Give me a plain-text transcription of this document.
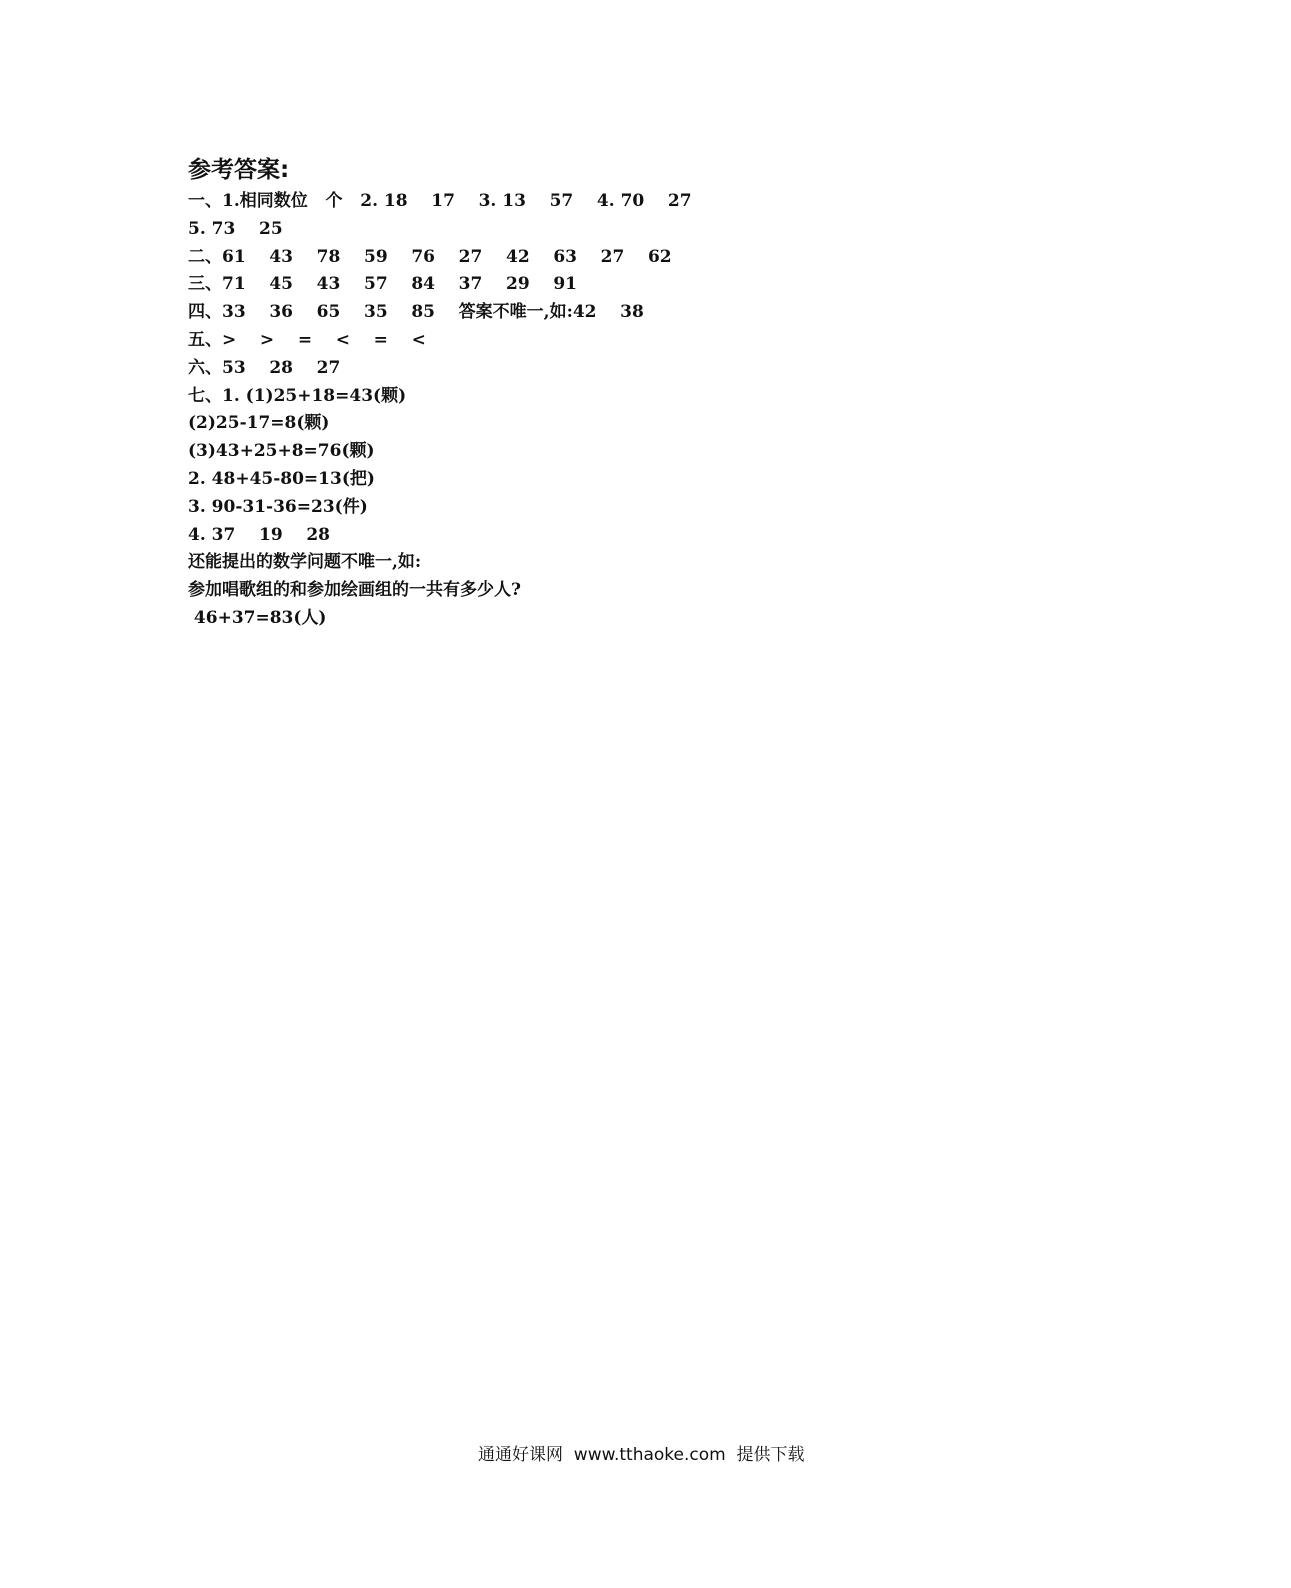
参考答案:
一、1.相同数位   个   2. 18    17    3. 13    57    4. 70    27
5. 73    25
二、61    43    78    59    76    27    42    63    27    62
三、71    45    43    57    84    37    29    91
四、33    36    65    35    85    答案不唯一,如:42    38
五、>    >    =    <    =    <
六、53    28    27
七、1. (1)25+18=43(颗)
(2)25-17=8(颗)
(3)43+25+8=76(颗)
2. 48+45-80=13(把)
3. 90-31-36=23(件)
4. 37    19    28
还能提出的数学问题不唯一,如:
参加唱歌组的和参加绘画组的一共有多少人?
46+37=83(人)
通通好课网  www.tthaoke.com  提供下载
